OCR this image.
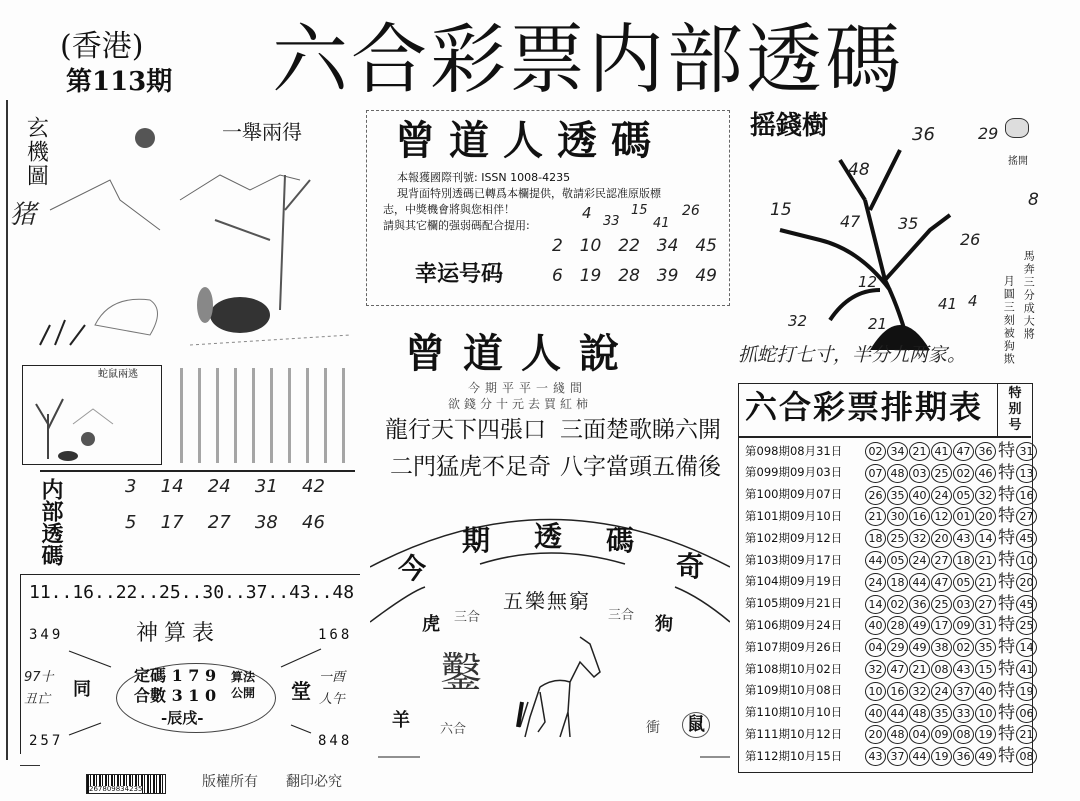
(香港)
第113期 六合彩票内部透碼
玄機圖
猪
一舉兩得
蛇鼠兩逃
内部透碼	3 14 24 31 42
5 17 27 38 46
11..16..22..25..30..37..43..48
神算表
349	168
257	848
定碼 1 7 9
合數 3 1 0
算法公開
-辰戌-
同	堂
97十 丑亡
一酉 人午
267809834235	版權所有 翻印必究
曾道人透碼
本報獲國際刊號: ISSN 1008-4235
現背面特別透碼已轉爲本欄提供，敬請彩民認准原版標
志，中獎機會將與您相伴！
請與其它欄的强弱碼配合提用:
4 33
15
41
26
幸运号码
2 10 22 34 45
6 19 28 39 49
曾道人說
今期平平一綫間
欲錢分十元去買紅柿
龍行天下四張口 三面楚歌睇六開
二門猛虎不足奇 八字當頭五備後
今
期 透 碼
奇
五樂無窮
虎 三合	三合 狗
鑿
羊 六合	衝 鼠
摇錢樹	36	29
48
8
15
47 35
26
12
41 4
32	21
搖開
馬奔三分成大將
月圓三刻被狗欺
抓蛇打七寸，半分九两家。
六合彩票排期表	特别号
第098期08月31日	02 34 21 41 47 36 特 31
第099期09月03日	07 48 03 25 02 46 特 13
第100期09月07日	26 35 40 24 05 32 特 16
第101期09月10日	21 30 16 12 01 20 特 27
第102期09月12日	18 25 32 20 43 14 特 45
第103期09月17日	44 05 24 27 18 21 特 10
第104期09月19日	24 18 44 47 05 21 特 20
第105期09月21日	14 02 36 25 03 27 特 45
第106期09月24日	40 28 49 17 09 31 特 25
第107期09月26日	04 29 49 38 02 35 特 14
第108期10月02日	32 47 21 08 43 15 特 41
第109期10月08日	10 16 32 24 37 40 特 19
第110期10月10日	40 44 48 35 33 10 特 06
第111期10月12日	20 48 04 09 08 19 特 21
第112期10月15日	43 37 44 19 36 49 特 08
